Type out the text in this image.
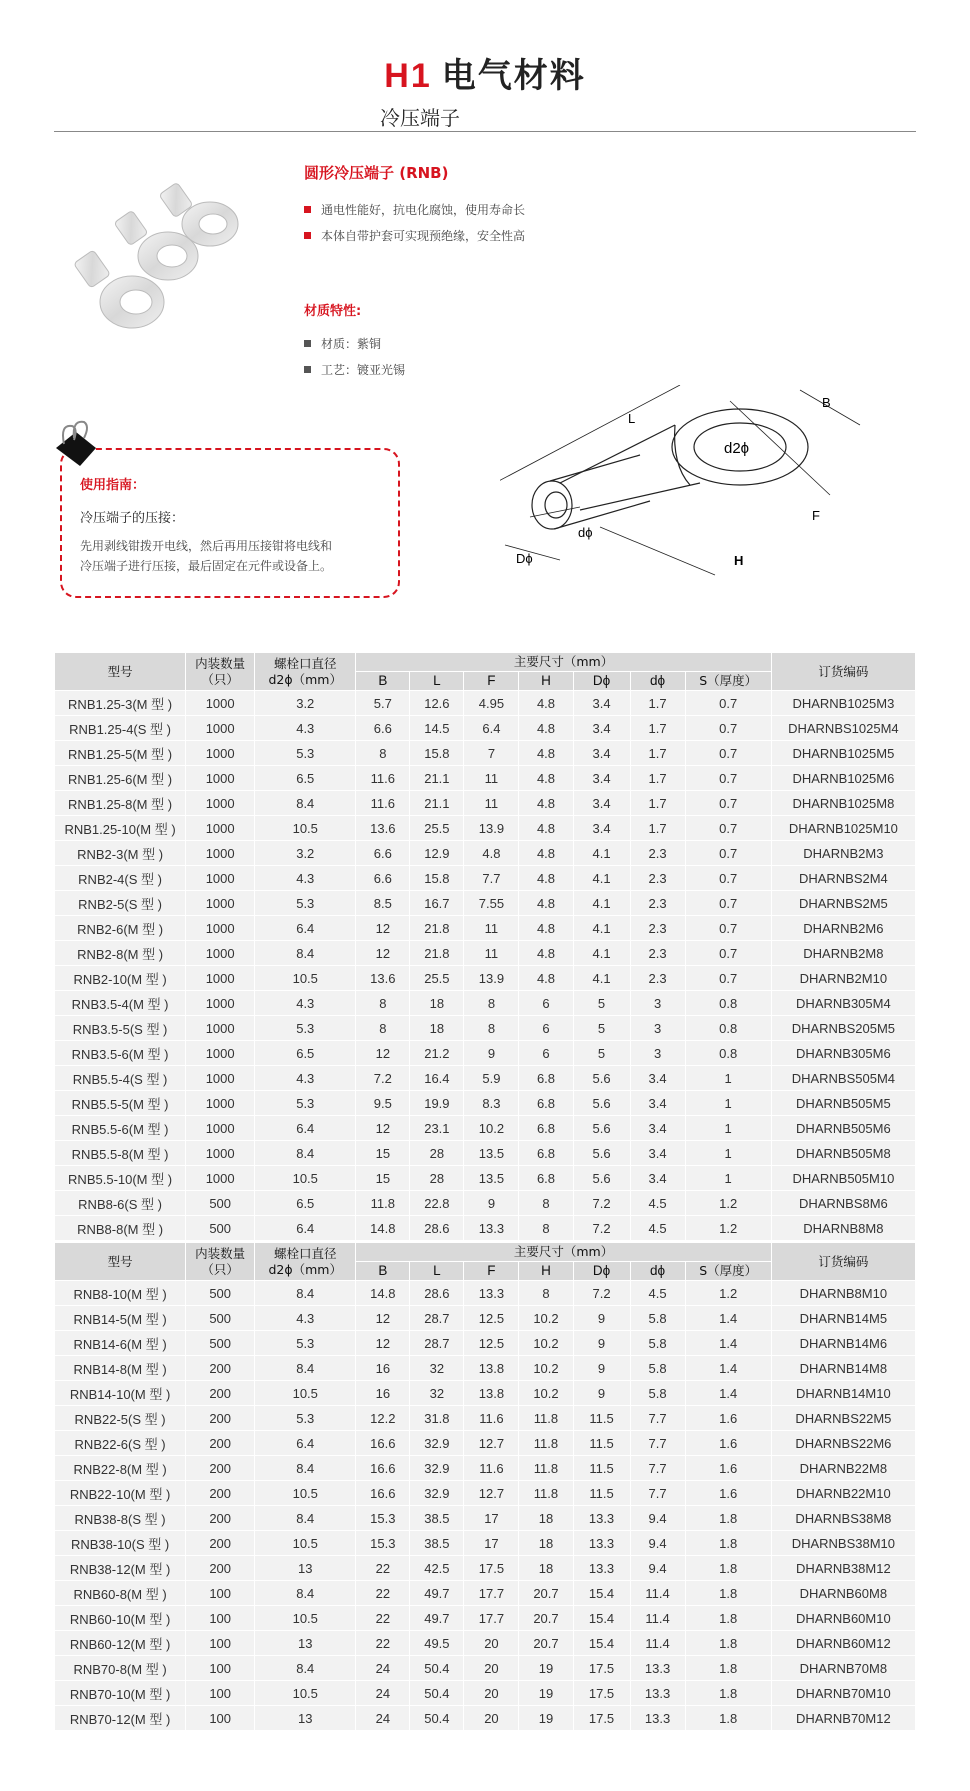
H1 电气材料
冷压端子
圆形冷压端子 (RNB)
通电性能好，抗电化腐蚀，使用寿命长
本体自带护套可实现预绝缘，安全性高
材质特性:
材质：紫铜
工艺：镀亚光锡
使用指南：
冷压端子的压接：
先用剥线钳拨开电线，然后再用压接钳将电线和
冷压端子进行压接，最后固定在元件或设备上。
L
B
F
H
Dϕ
dϕ
d2ϕ
型号	内装数量
（只）	螺栓口直径
d2ϕ（mm）	主要尺寸（mm）							订货编码
			B	L	F	H	Dϕ	dϕ	S（厚度）	
RNB1.25-3(M 型 )	1000	3.2	5.7	12.6	4.95	4.8	3.4	1.7	0.7	DHARNB1025M3
RNB1.25-4(S 型 )	1000	4.3	6.6	14.5	6.4	4.8	3.4	1.7	0.7	DHARNBS1025M4
RNB1.25-5(M 型 )	1000	5.3	8	15.8	7	4.8	3.4	1.7	0.7	DHARNB1025M5
RNB1.25-6(M 型 )	1000	6.5	11.6	21.1	11	4.8	3.4	1.7	0.7	DHARNB1025M6
RNB1.25-8(M 型 )	1000	8.4	11.6	21.1	11	4.8	3.4	1.7	0.7	DHARNB1025M8
RNB1.25-10(M 型 )	1000	10.5	13.6	25.5	13.9	4.8	3.4	1.7	0.7	DHARNB1025M10
RNB2-3(M 型 )	1000	3.2	6.6	12.9	4.8	4.8	4.1	2.3	0.7	DHARNB2M3
RNB2-4(S 型 )	1000	4.3	6.6	15.8	7.7	4.8	4.1	2.3	0.7	DHARNBS2M4
RNB2-5(S 型 )	1000	5.3	8.5	16.7	7.55	4.8	4.1	2.3	0.7	DHARNBS2M5
RNB2-6(M 型 )	1000	6.4	12	21.8	11	4.8	4.1	2.3	0.7	DHARNB2M6
RNB2-8(M 型 )	1000	8.4	12	21.8	11	4.8	4.1	2.3	0.7	DHARNB2M8
RNB2-10(M 型 )	1000	10.5	13.6	25.5	13.9	4.8	4.1	2.3	0.7	DHARNB2M10
RNB3.5-4(M 型 )	1000	4.3	8	18	8	6	5	3	0.8	DHARNB305M4
RNB3.5-5(S 型 )	1000	5.3	8	18	8	6	5	3	0.8	DHARNBS205M5
RNB3.5-6(M 型 )	1000	6.5	12	21.2	9	6	5	3	0.8	DHARNB305M6
RNB5.5-4(S 型 )	1000	4.3	7.2	16.4	5.9	6.8	5.6	3.4	1	DHARNBS505M4
RNB5.5-5(M 型 )	1000	5.3	9.5	19.9	8.3	6.8	5.6	3.4	1	DHARNB505M5
RNB5.5-6(M 型 )	1000	6.4	12	23.1	10.2	6.8	5.6	3.4	1	DHARNB505M6
RNB5.5-8(M 型 )	1000	8.4	15	28	13.5	6.8	5.6	3.4	1	DHARNB505M8
RNB5.5-10(M 型 )	1000	10.5	15	28	13.5	6.8	5.6	3.4	1	DHARNB505M10
RNB8-6(S 型 )	500	6.5	11.8	22.8	9	8	7.2	4.5	1.2	DHARNBS8M6
RNB8-8(M 型 )	500	6.4	14.8	28.6	13.3	8	7.2	4.5	1.2	DHARNB8M8
型号	内装数量
（只）	螺栓口直径
d2ϕ（mm）	主要尺寸（mm）							订货编码
			B	L	F	H	Dϕ	dϕ	S（厚度）	
RNB8-10(M 型 )	500	8.4	14.8	28.6	13.3	8	7.2	4.5	1.2	DHARNB8M10
RNB14-5(M 型 )	500	4.3	12	28.7	12.5	10.2	9	5.8	1.4	DHARNB14M5
RNB14-6(M 型 )	500	5.3	12	28.7	12.5	10.2	9	5.8	1.4	DHARNB14M6
RNB14-8(M 型 )	200	8.4	16	32	13.8	10.2	9	5.8	1.4	DHARNB14M8
RNB14-10(M 型 )	200	10.5	16	32	13.8	10.2	9	5.8	1.4	DHARNB14M10
RNB22-5(S 型 )	200	5.3	12.2	31.8	11.6	11.8	11.5	7.7	1.6	DHARNBS22M5
RNB22-6(S 型 )	200	6.4	16.6	32.9	12.7	11.8	11.5	7.7	1.6	DHARNBS22M6
RNB22-8(M 型 )	200	8.4	16.6	32.9	11.6	11.8	11.5	7.7	1.6	DHARNB22M8
RNB22-10(M 型 )	200	10.5	16.6	32.9	12.7	11.8	11.5	7.7	1.6	DHARNB22M10
RNB38-8(S 型 )	200	8.4	15.3	38.5	17	18	13.3	9.4	1.8	DHARNBS38M8
RNB38-10(S 型 )	200	10.5	15.3	38.5	17	18	13.3	9.4	1.8	DHARNBS38M10
RNB38-12(M 型 )	200	13	22	42.5	17.5	18	13.3	9.4	1.8	DHARNB38M12
RNB60-8(M 型 )	100	8.4	22	49.7	17.7	20.7	15.4	11.4	1.8	DHARNB60M8
RNB60-10(M 型 )	100	10.5	22	49.7	17.7	20.7	15.4	11.4	1.8	DHARNB60M10
RNB60-12(M 型 )	100	13	22	49.5	20	20.7	15.4	11.4	1.8	DHARNB60M12
RNB70-8(M 型 )	100	8.4	24	50.4	20	19	17.5	13.3	1.8	DHARNB70M8
RNB70-10(M 型 )	100	10.5	24	50.4	20	19	17.5	13.3	1.8	DHARNB70M10
RNB70-12(M 型 )	100	13	24	50.4	20	19	17.5	13.3	1.8	DHARNB70M12
